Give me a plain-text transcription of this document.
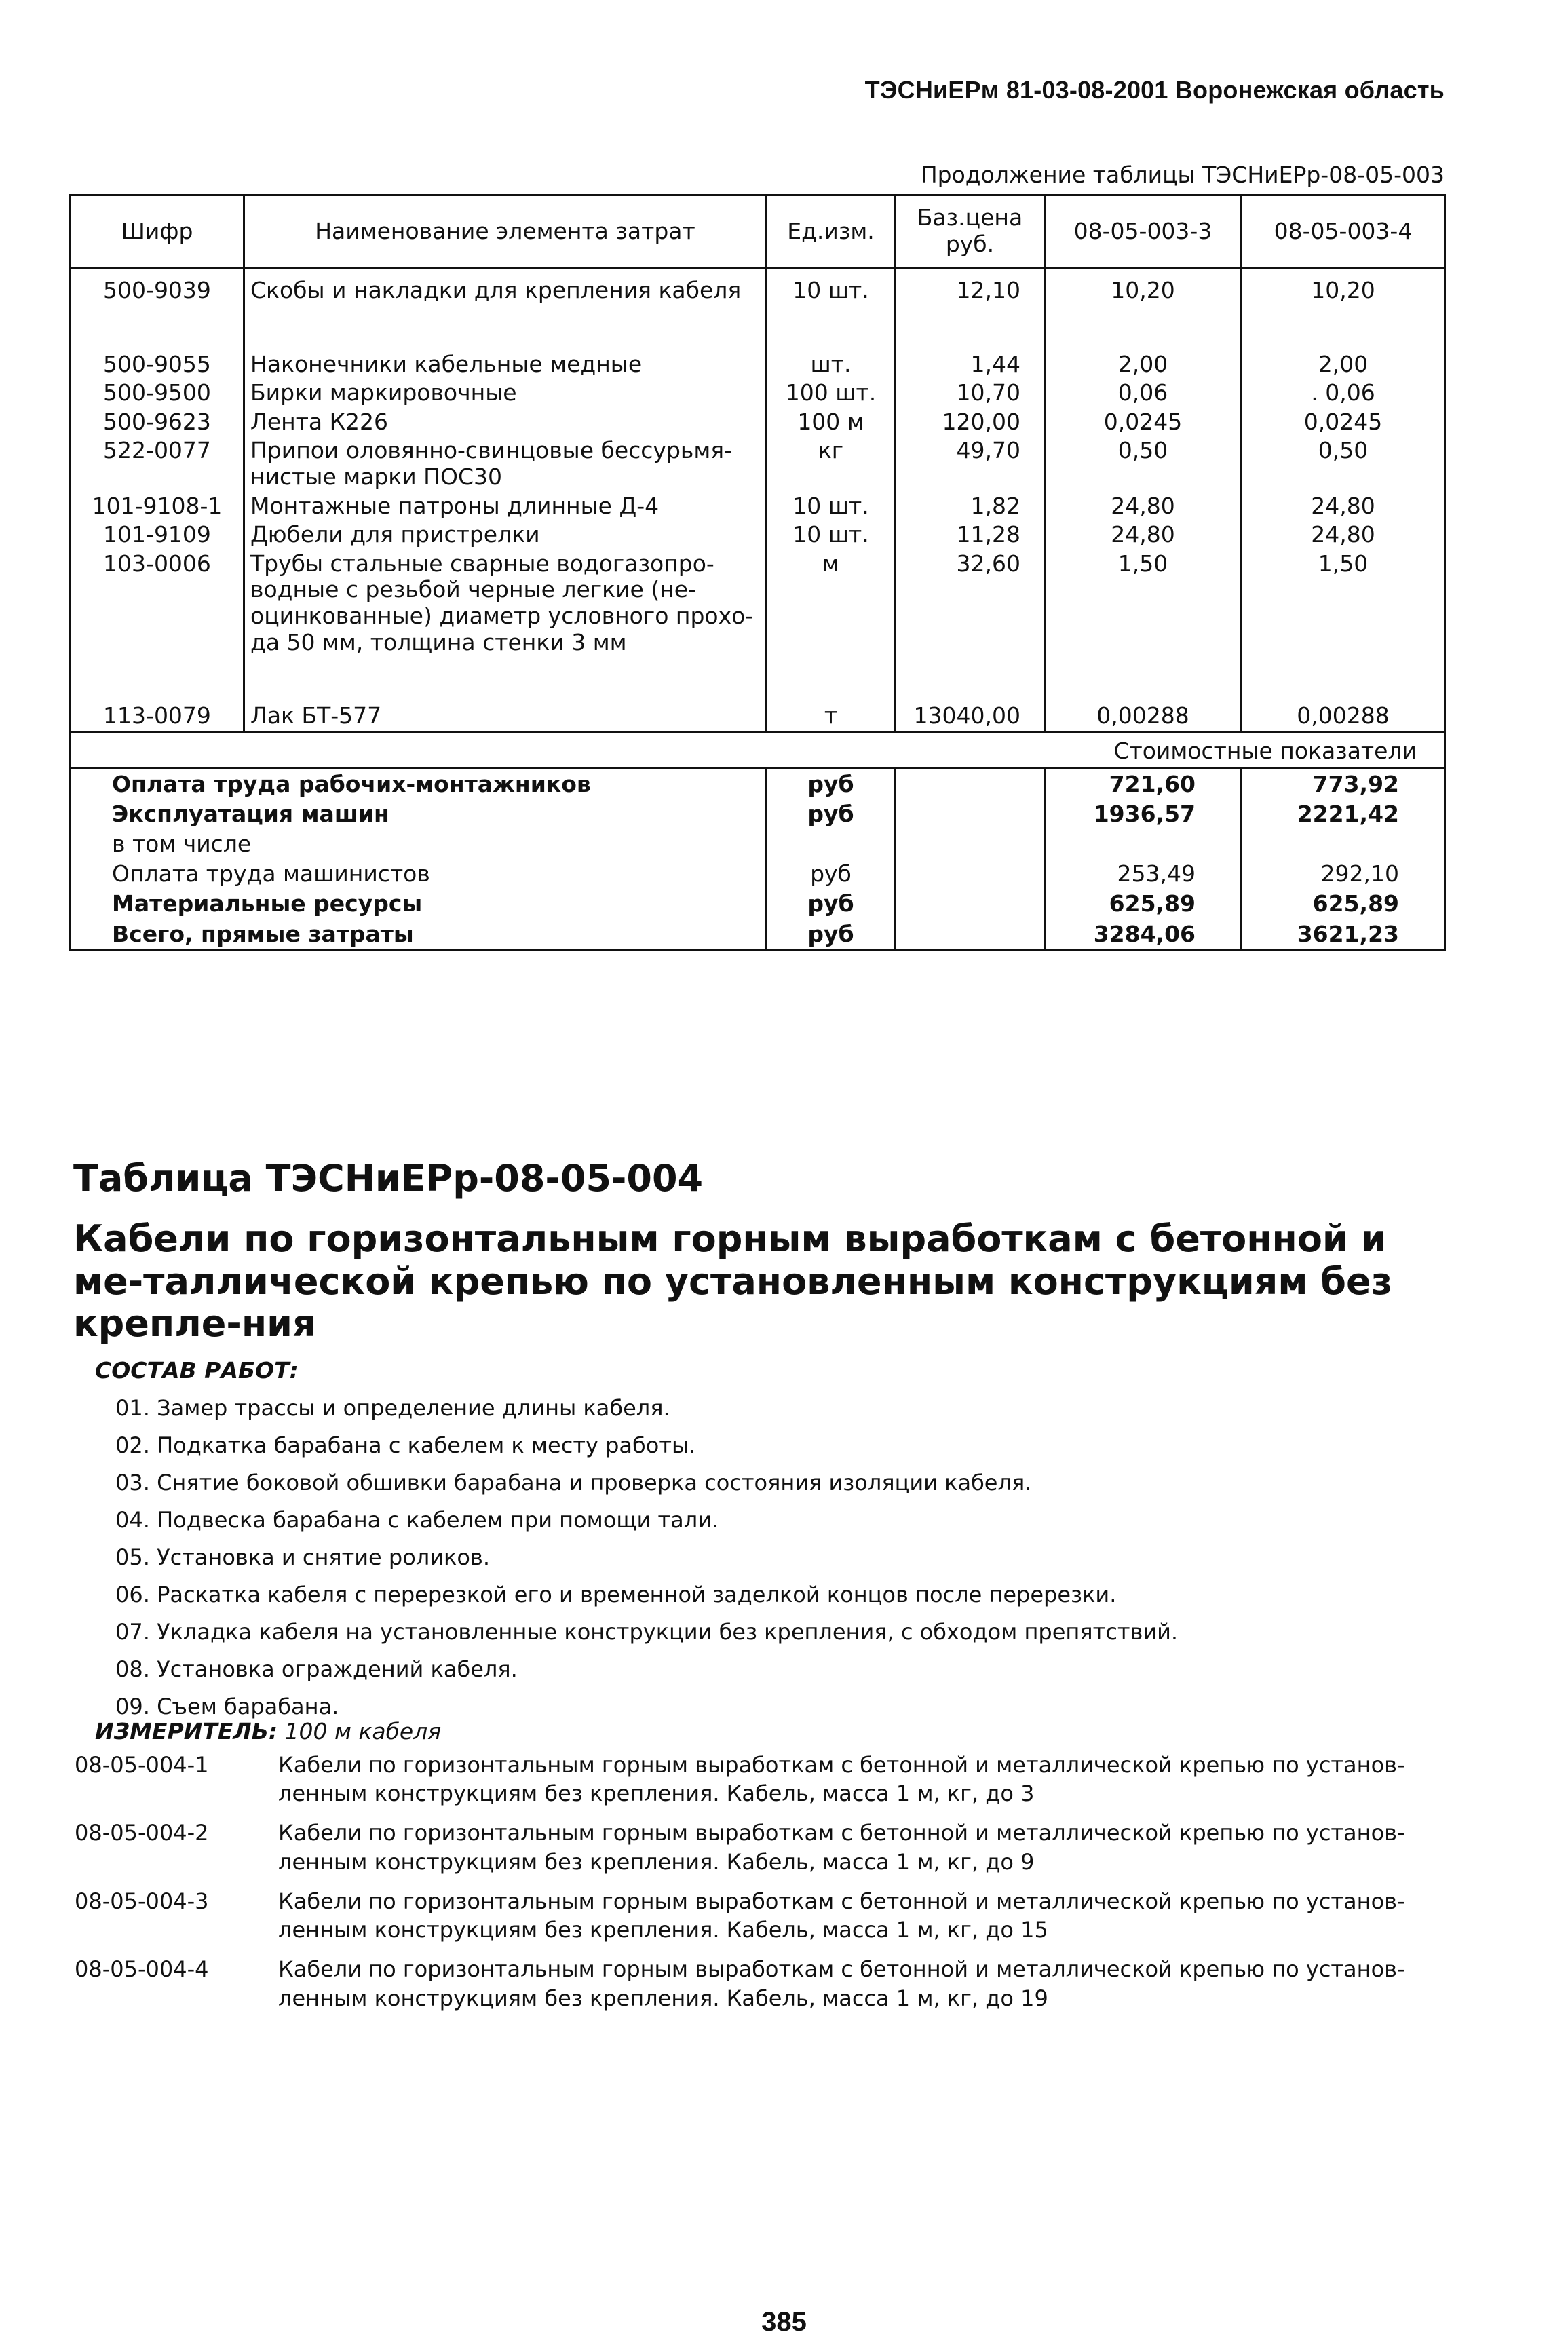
ТЭСНиЕРм 81-03-08-2001 Воронежская область
Продолжение таблицы ТЭСНиЕРр-08-05-003
Шифр	Наименование элемента затрат	Ед.изм.	Баз.цена руб.	08-05-003-3	08-05-003-4
500-9039	Скобы и накладки для крепления кабеля	10 шт.	12,10	10,20	10,20

500-9055	Наконечники кабельные медные	шт.	1,44	2,00	2,00
500-9500	Бирки маркировочные	100 шт.	10,70	0,06	. 0,06
500-9623	Лента К226	100 м	120,00	0,0245	0,0245
522-0077	Припои оловянно-свинцовые бессурьмя-нистые марки ПОС30	кг	49,70	0,50	0,50
101-9108-1	Монтажные патроны длинные Д-4	10 шт.	1,82	24,80	24,80
101-9109	Дюбели для пристрелки	10 шт.	11,28	24,80	24,80
103-0006	Трубы стальные сварные водогазопро-водные с резьбой черные легкие (не-оцинкованные) диаметр условного прохо-да 50 мм, толщина стенки 3 мм	м	32,60	1,50	1,50

113-0079	Лак БТ-577	т	13040,00	0,00288	0,00288
Стоимостные показатели					
Оплата труда рабочих-монтажников		руб		721,60	773,92
Эксплуатация машин		руб		1936,57	2221,42
в том числе					
Оплата труда машинистов		руб		253,49	292,10
Материальные ресурсы		руб		625,89	625,89
Всего, прямые затраты		руб		3284,06	3621,23
Таблица ТЭСНиЕРр-08-05-004
Кабели по горизонтальным горным выработкам с бетонной и ме-таллической крепью по установленным конструкциям без крепле-ния
СОСТАВ РАБОТ:
01. Замер трассы и определение длины кабеля.
02. Подкатка барабана с кабелем к месту работы.
03. Снятие боковой обшивки барабана и проверка состояния изоляции кабеля.
04. Подвеска барабана с кабелем при помощи тали.
05. Установка и снятие роликов.
06. Раскатка кабеля с перерезкой его и временной заделкой концов после перерезки.
07. Укладка кабеля на установленные конструкции без крепления, с обходом препятствий.
08. Установка ограждений кабеля.
09. Съем барабана.
ИЗМЕРИТЕЛЬ: 100 м кабеля
08-05-004-1	Кабели по горизонтальным горным выработкам с бетонной и металлической крепью по установ-ленным конструкциям без крепления. Кабель, масса 1 м, кг, до 3
08-05-004-2	Кабели по горизонтальным горным выработкам с бетонной и металлической крепью по установ-ленным конструкциям без крепления. Кабель, масса 1 м, кг, до 9
08-05-004-3	Кабели по горизонтальным горным выработкам с бетонной и металлической крепью по установ-ленным конструкциям без крепления. Кабель, масса 1 м, кг, до 15
08-05-004-4	Кабели по горизонтальным горным выработкам с бетонной и металлической крепью по установ-ленным конструкциям без крепления. Кабель, масса 1 м, кг, до 19
385
